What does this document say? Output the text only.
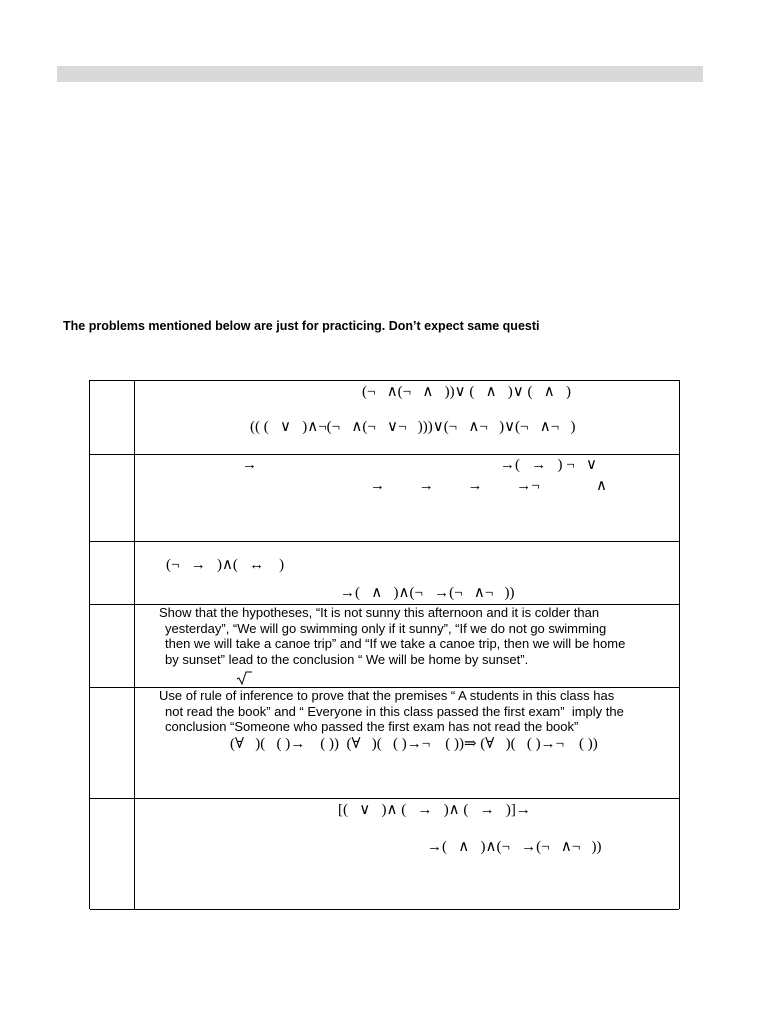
The problems mentioned below are just for practicing. Don’t expect same questi
(¬   ∧(¬   ∧   ))∨ (   ∧   )∨ (   ∧   )
(( (   ∨   )∧¬(¬   ∧(¬   ∨¬   )))∨(¬   ∧¬   )∨(¬   ∧¬   )
→	→(   →   ) ¬   ∨
→         →         →         →¬               ∧
(¬   →   )∧(   ↔    )
→(   ∧   )∧(¬   →(¬   ∧¬   ))
Show that the hypotheses, “It is not sunny this afternoon and it is colder than
yesterday”, “We will go swimming only if it sunny”, “If we do not go swimming
then we will take a canoe trip” and “If we take a canoe trip, then we will be home
by sunset” lead to the conclusion “ We will be home by sunset”.
Use of rule of inference to prove that the premises “ A students in this class has
not read the book” and “ Everyone in this class passed the first exam”  imply the
conclusion “Someone who passed the first exam has not read the book”
(∀   )(   ( )→    ( ))  (∀   )(   ( )→¬    ( ))⇒ (∀   )(   ( )→¬    ( ))
[(   ∨   )∧ (   →   )∧ (   →   )]→
→(   ∧   )∧(¬   →(¬   ∧¬   ))
